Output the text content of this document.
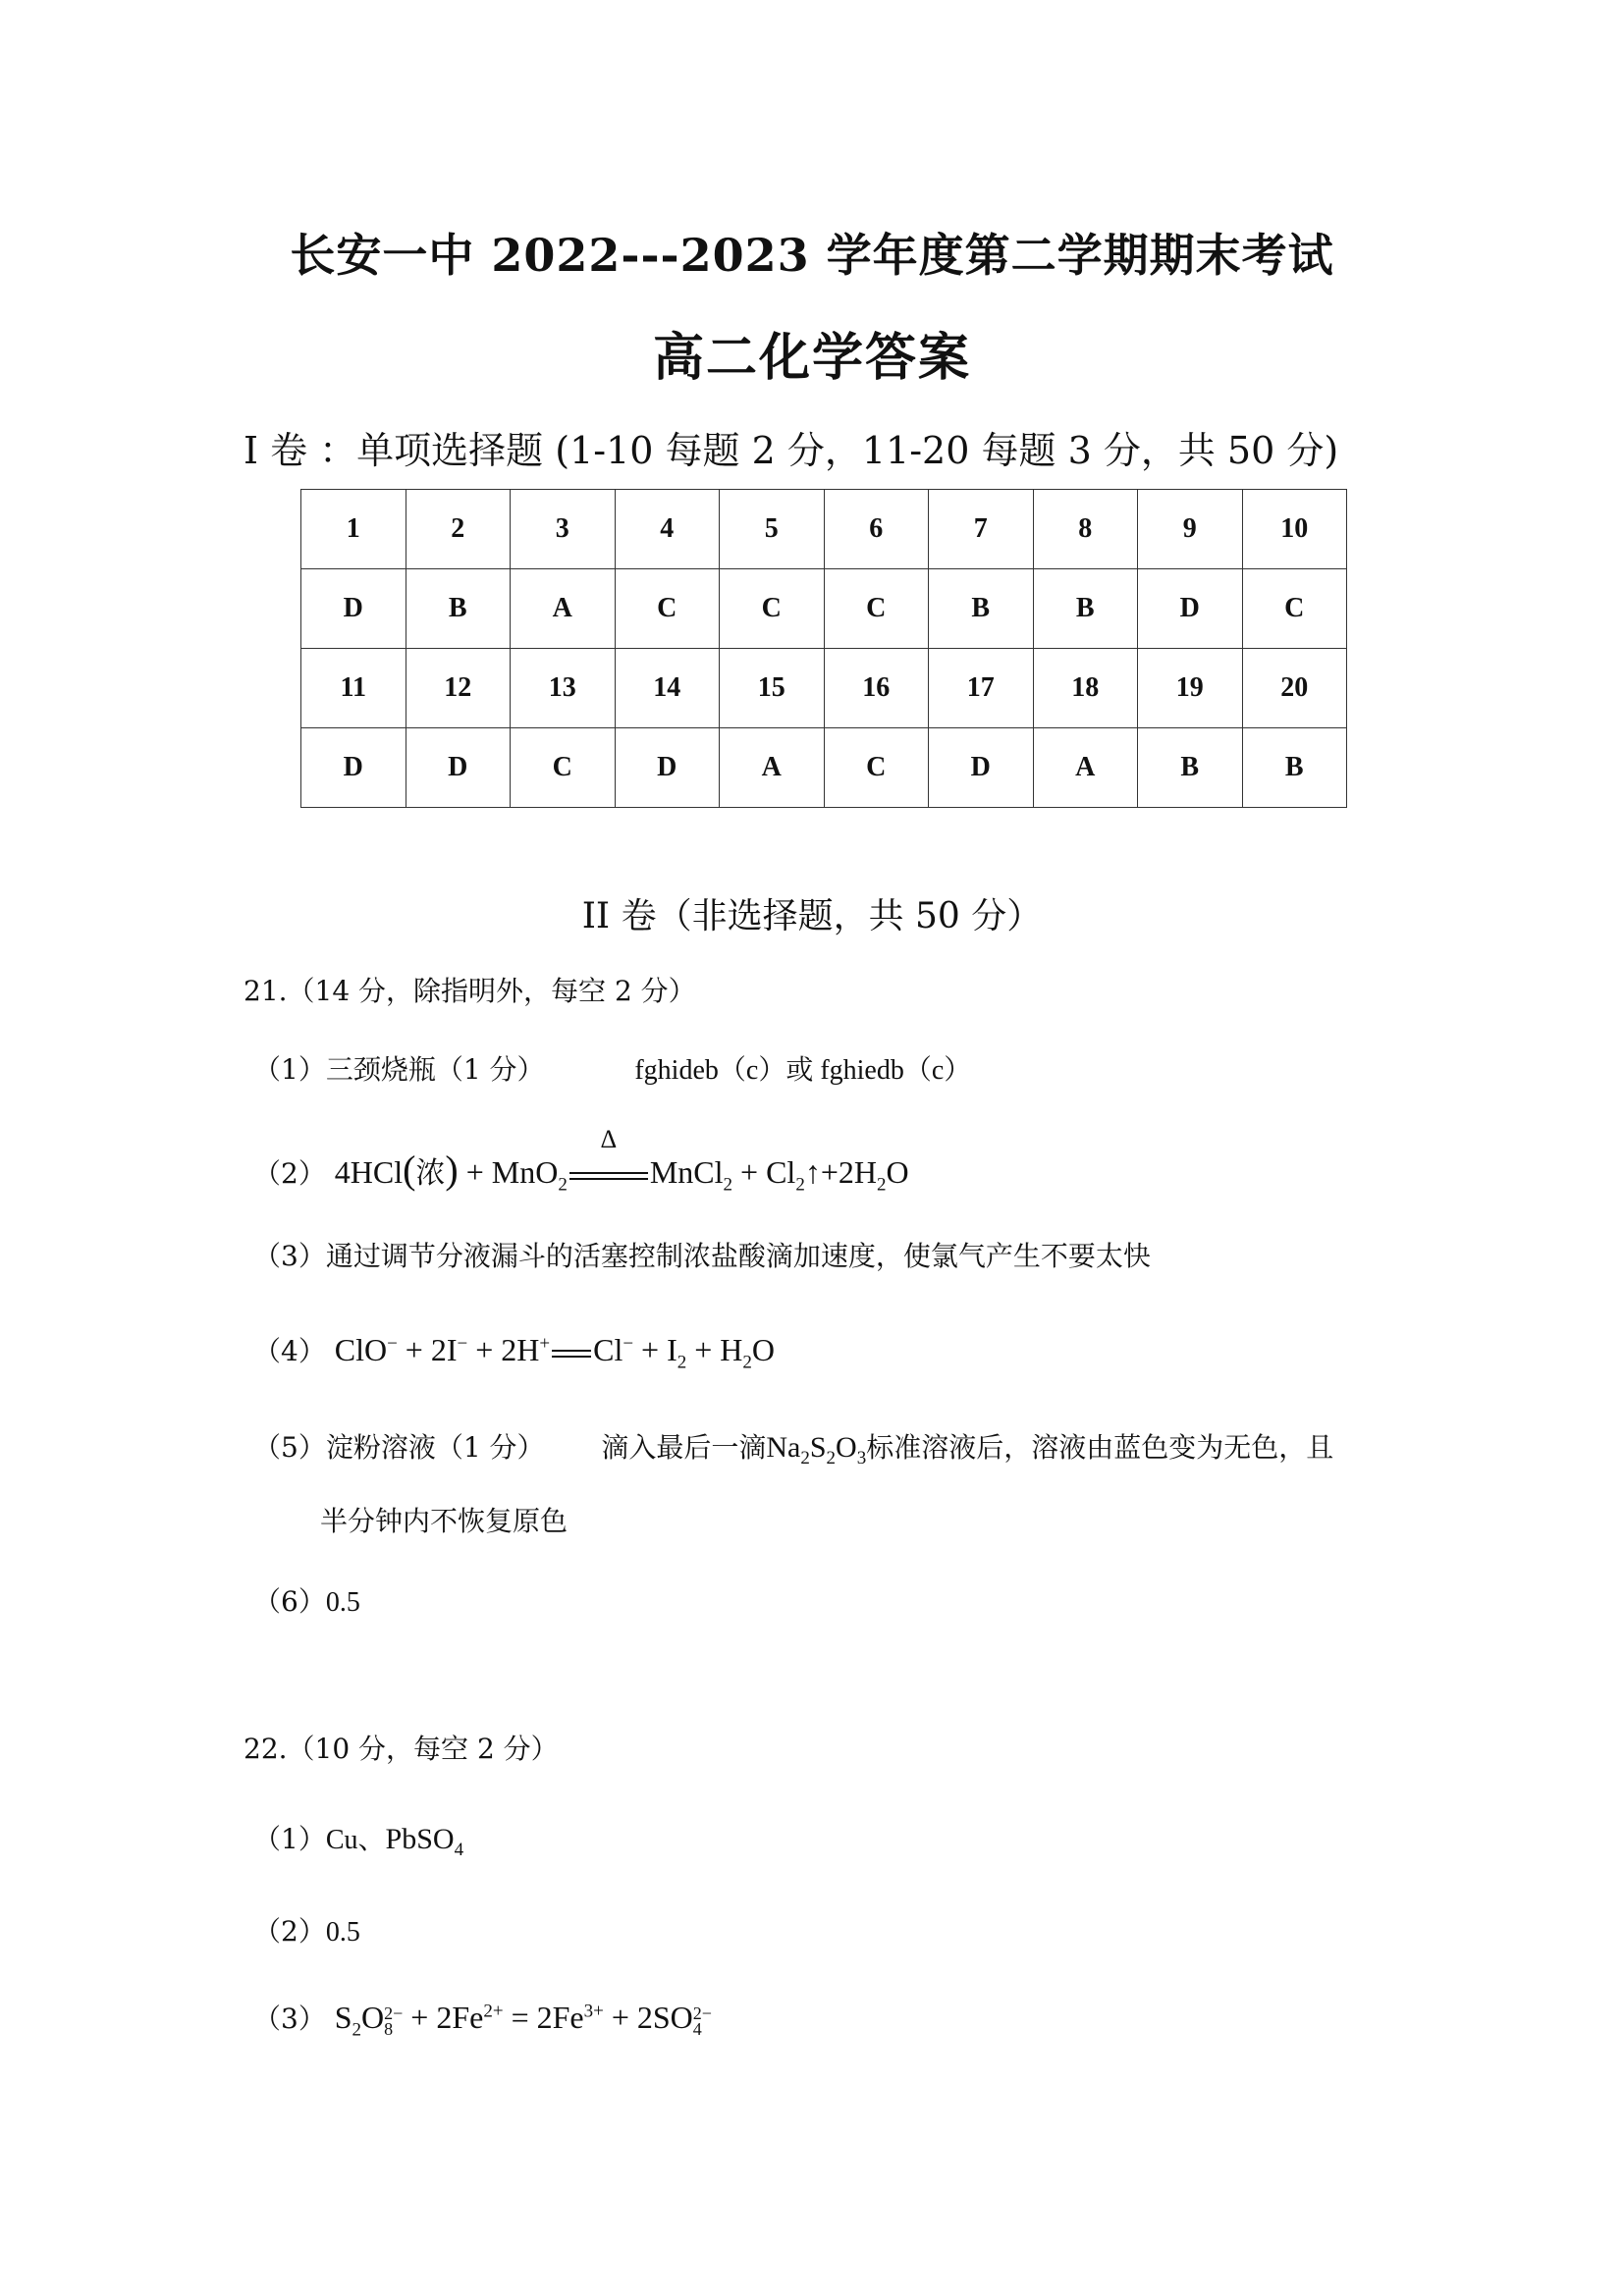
长安一中 2022---2023 学年度第二学期期末考试
高二化学答案
I 卷 ：单项选择题 (1-10 每题 2 分，11-20 每题 3 分，共 50 分)
1	2	3	4	5	6	7	8	9	10
D	B	A	C	C	C	B	B	D	C
11	12	13	14	15	16	17	18	19	20
D	D	C	D	A	C	D	A	B	B
II 卷（非选择题，共 50 分）
21.（14 分，除指明外，每空 2 分）
（1）三颈烧瓶（1 分）	fghideb（c）或 fghiedb（c）
（2） 4HCl(浓) + MnO$_2$
Δ
MnCl$_2$ + $Cl_2↑+2H_2O$
（3）通过调节分液漏斗的活塞控制浓盐酸滴加速度，使氯气产生不要太快
（4） ClO− + 2I− + 2H+ $Cl^- + I_2 + H_2O$
（5）淀粉溶液（1 分） 滴入最后一滴$Na_2S_2O_3$标准溶液后，溶液由蓝色变为无色，且
半分钟内不恢复原色
（6）0.5
22.（10 分，每空 2 分）
（1）Cu、PbSO$_4$
（2）0.5
（3） $S_2O$ 2−
$8 + 2Fe^{2+} = 2Fe^{3+} + 2SO$ 2−
4
